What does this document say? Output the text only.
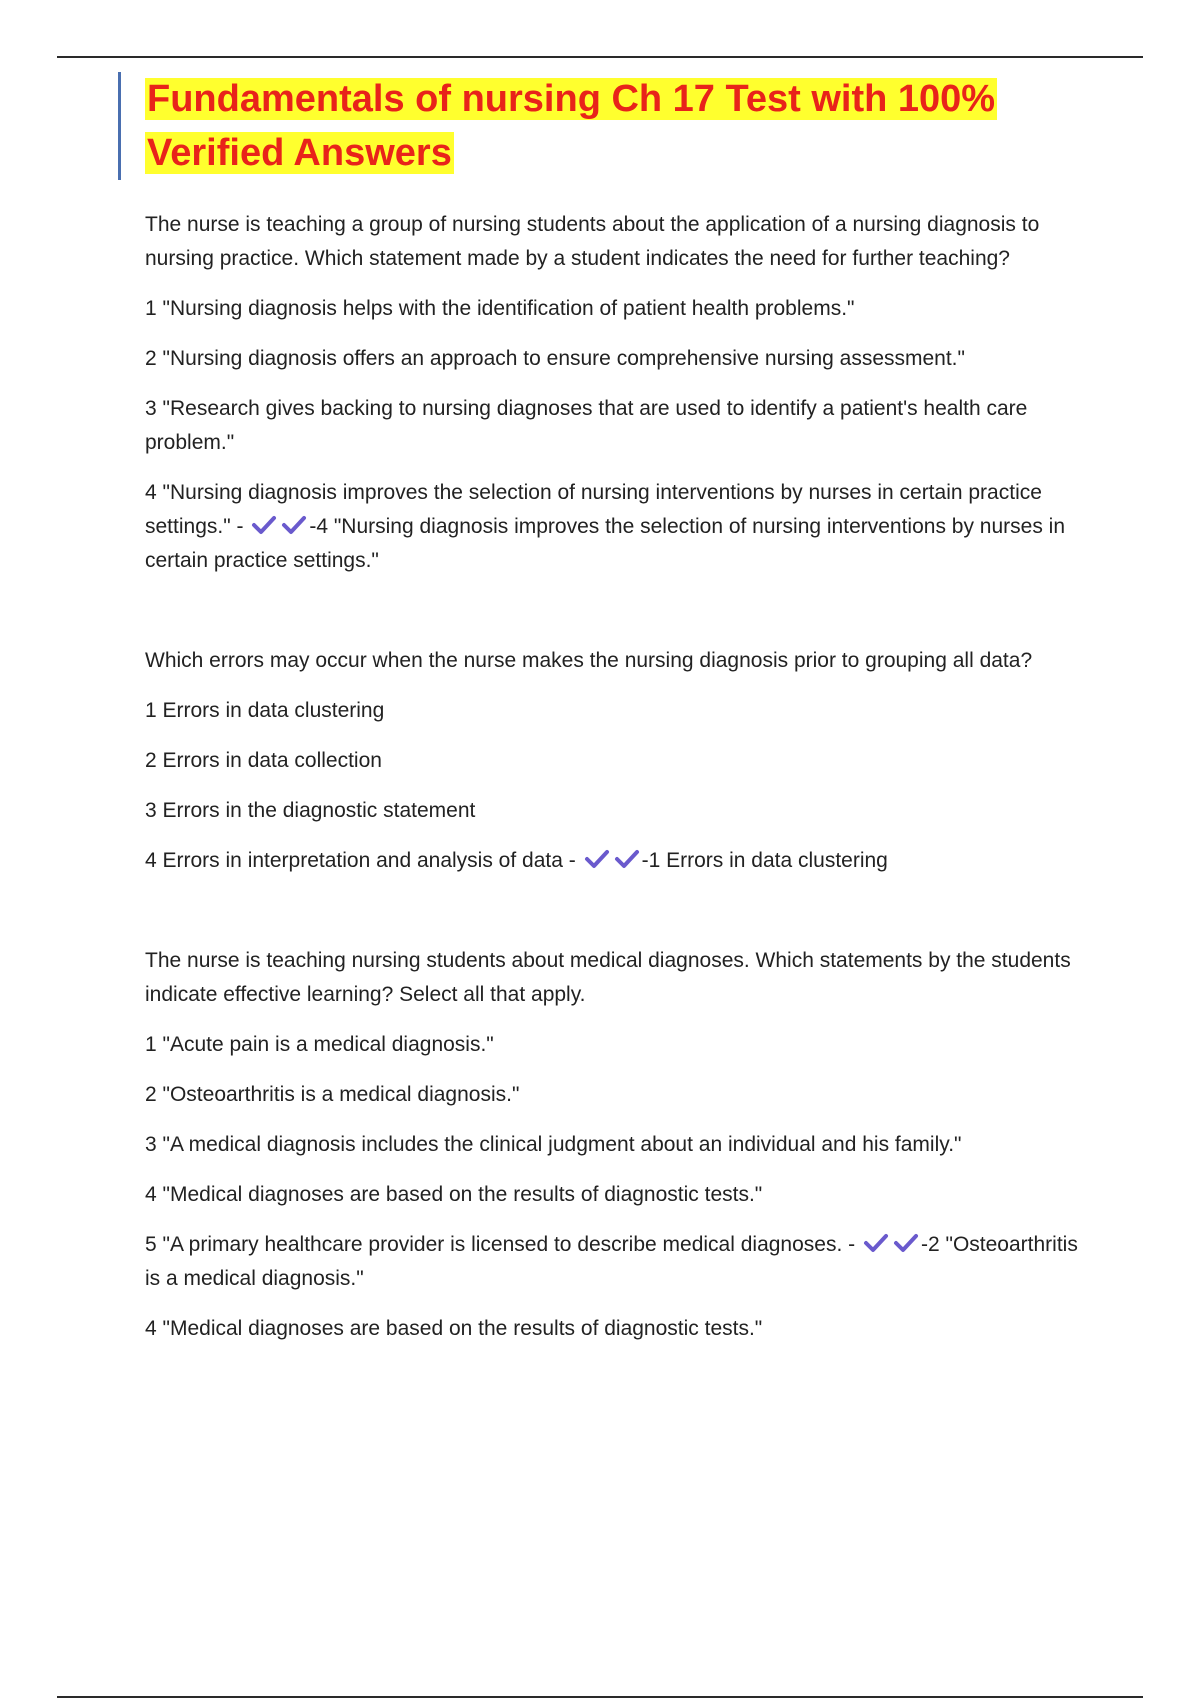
Fundamentals of nursing Ch 17 Test with 100%
Verified Answers

The nurse is teaching a group of nursing students about the application of a nursing diagnosis to nursing practice. Which statement made by a student indicates the need for further teaching?

1 "Nursing diagnosis helps with the identification of patient health problems."

2 "Nursing diagnosis offers an approach to ensure comprehensive nursing assessment."

3 "Research gives backing to nursing diagnoses that are used to identify a patient's health care problem."

4 "Nursing diagnosis improves the selection of nursing interventions by nurses in certain practice settings." -	-4 "Nursing diagnosis improves the selection of nursing interventions by nurses in certain practice settings."

Which errors may occur when the nurse makes the nursing diagnosis prior to grouping all data?

1 Errors in data clustering

2 Errors in data collection

3 Errors in the diagnostic statement

4 Errors in interpretation and analysis of data -	-1 Errors in data clustering

The nurse is teaching nursing students about medical diagnoses. Which statements by the students indicate effective learning? Select all that apply.

1 "Acute pain is a medical diagnosis."

2 "Osteoarthritis is a medical diagnosis."

3 "A medical diagnosis includes the clinical judgment about an individual and his family."

4 "Medical diagnoses are based on the results of diagnostic tests."

5 "A primary healthcare provider is licensed to describe medical diagnoses. -	-2 "Osteoarthritis is a medical diagnosis."

4 "Medical diagnoses are based on the results of diagnostic tests."
